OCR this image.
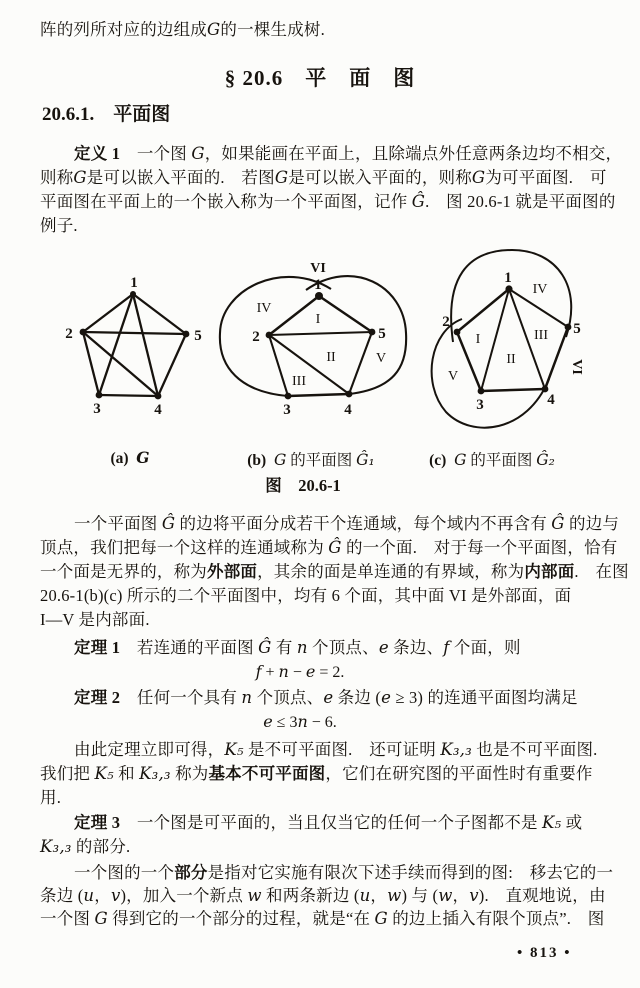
阵的列所对应的边组成G的一棵生成树.
§ 20.6　平　面　图
20.6.1.　平面图
定义 1　一个图 G，如果能画在平面上，且除端点外任意两条边均不相交，
则称G是可以嵌入平面的.　若图G是可以嵌入平面的，则称G为可平面图.　可
平面图在平面上的一个嵌入称为一个平面图，记作 Ĝ.　图 20.6-1 就是平面图的
例子.
1
2	5
3	4
VI
1
IV
I
2	5
II	V
III
3	4
1
IV
2	5
I	III
II
V
VI
3	4
(a) G	(b) G 的平面图 Ĝ₁	(c) G 的平面图 Ĝ₂
图　20.6-1
一个平面图 Ĝ 的边将平面分成若干个连通域，每个域内不再含有 Ĝ 的边与
顶点，我们把每一个这样的连通域称为 Ĝ 的一个面.　对于每一个平面图，恰有
一个面是无界的，称为外部面，其余的面是单连通的有界域，称为内部面.　在图
20.6-1(b)(c) 所示的二个平面图中，均有 6 个面，其中面 VI 是外部面，面
I—V 是内部面.
定理 1　若连通的平面图 Ĝ 有 n 个顶点、e 条边、f 个面，则
f + n − e = 2.
定理 2　任何一个具有 n 个顶点、e 条边 (e ≥ 3) 的连通平面图均满足
e ≤ 3n − 6.
由此定理立即可得，K₅ 是不可平面图.　还可证明 K₃,₃ 也是不可平面图.
我们把 K₅ 和 K₃,₃ 称为基本不可平面图，它们在研究图的平面性时有重要作
用.
定理 3　一个图是可平面的，当且仅当它的任何一个子图都不是 K₅ 或
K₃,₃ 的部分.
一个图的一个部分是指对它实施有限次下述手续而得到的图:　移去它的一
条边 (u，v)，加入一个新点 w 和两条新边 (u，w) 与 (w，v).　直观地说，由
一个图 G 得到它的一个部分的过程，就是“在 G 的边上插入有限个顶点”.　图
• 813 •
